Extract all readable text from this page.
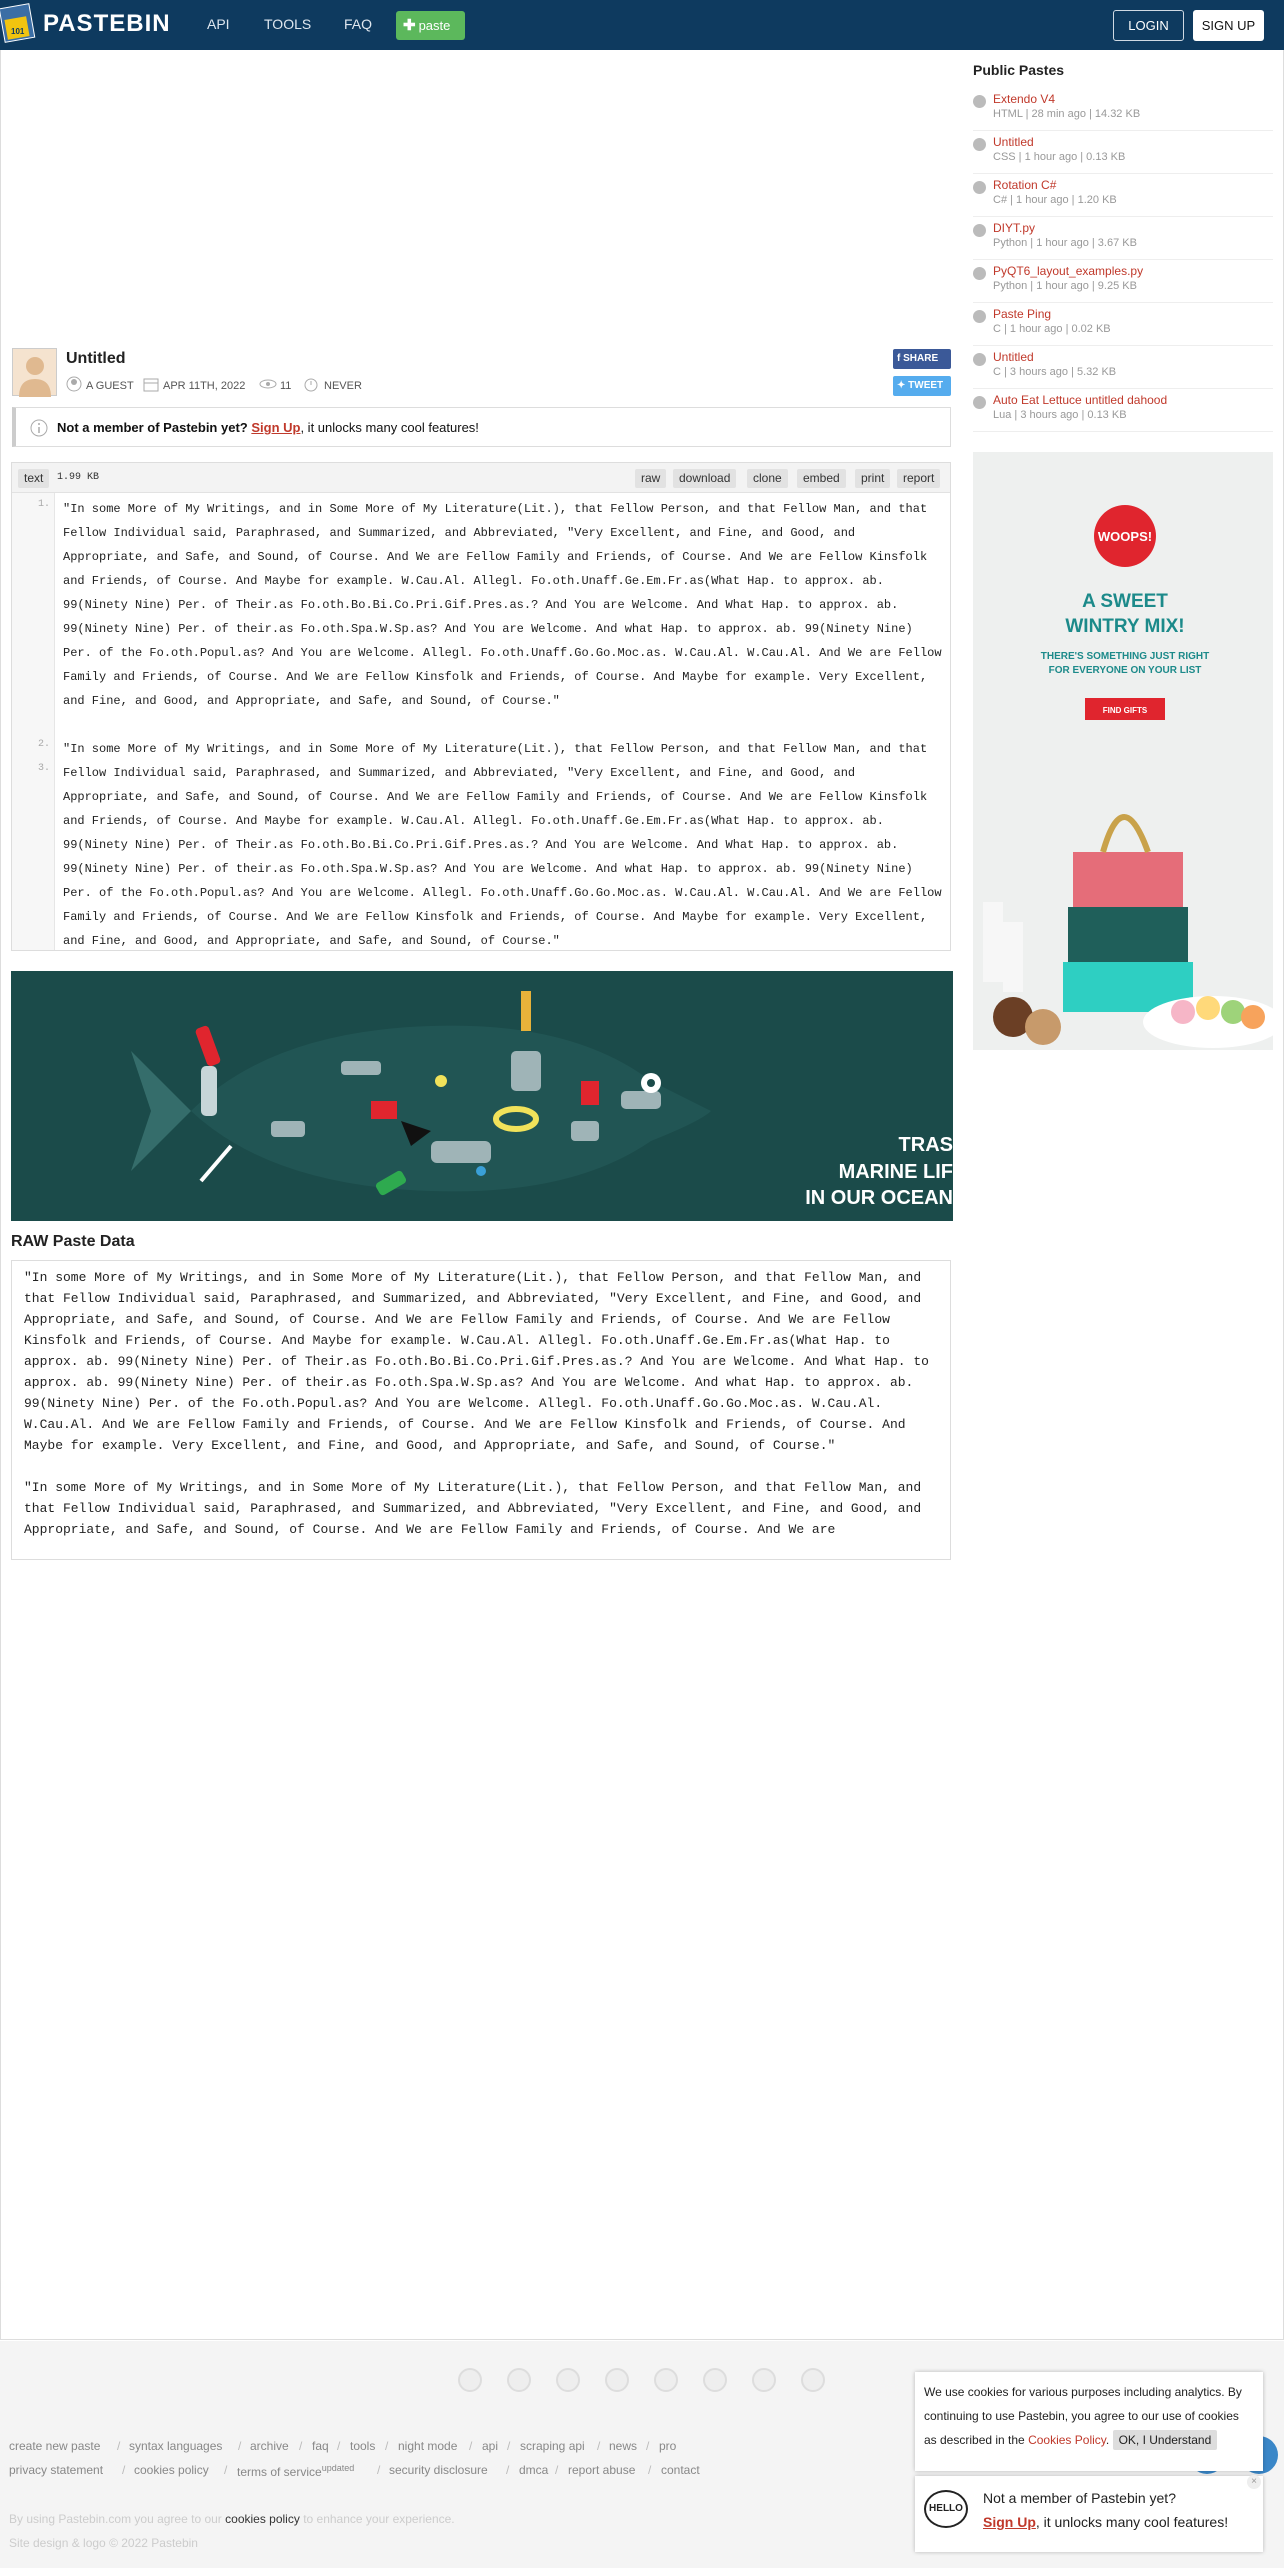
101 PASTEBIN	API TOOLS FAQ	✚ paste	LOGIN	SIGN UP
Untitled
A GUEST	APR 11TH, 2022	11	NEVER
f SHARE
✦ TWEET
Not a member of Pastebin yet? Sign Up, it unlocks many cool features!
text	1.99 KB	raw	download	clone	embed	print	report
1.
2.
3.
"In some More of My Writings, and in Some More of My Literature(Lit.), that Fellow Person, and that Fellow Man, and that Fellow Individual said, Paraphrased, and Summarized, and Abbreviated, "Very Excellent, and Fine, and Good, and Appropriate, and Safe, and Sound, of Course. And We are Fellow Family and Friends, of Course. And We are Fellow Kinsfolk and Friends, of Course. And Maybe for example. W.Cau.Al. Allegl. Fo.oth.Unaff.Ge.Em.Fr.as(What Hap. to approx. ab. 99(Ninety Nine) Per. of Their.as Fo.oth.Bo.Bi.Co.Pri.Gif.Pres.as.? And You are Welcome. And What Hap. to approx. ab. 99(Ninety Nine) Per. of their.as Fo.oth.Spa.W.Sp.as? And You are Welcome. And what Hap. to approx. ab. 99(Ninety Nine) Per. of the Fo.oth.Popul.as? And You are Welcome. Allegl. Fo.oth.Unaff.Go.Go.Moc.as. W.Cau.Al. W.Cau.Al. And We are Fellow Family and Friends, of Course. And We are Fellow Kinsfolk and Friends, of Course. And Maybe for example. Very Excellent, and Fine, and Good, and Appropriate, and Safe, and Sound, of Course."
"In some More of My Writings, and in Some More of My Literature(Lit.), that Fellow Person, and that Fellow Man, and that Fellow Individual said, Paraphrased, and Summarized, and Abbreviated, "Very Excellent, and Fine, and Good, and Appropriate, and Safe, and Sound, of Course. And We are Fellow Family and Friends, of Course. And We are Fellow Kinsfolk and Friends, of Course. And Maybe for example. W.Cau.Al. Allegl. Fo.oth.Unaff.Ge.Em.Fr.as(What Hap. to approx. ab. 99(Ninety Nine) Per. of Their.as Fo.oth.Bo.Bi.Co.Pri.Gif.Pres.as.? And You are Welcome. And What Hap. to approx. ab. 99(Ninety Nine) Per. of their.as Fo.oth.Spa.W.Sp.as? And You are Welcome. And what Hap. to approx. ab. 99(Ninety Nine) Per. of the Fo.oth.Popul.as? And You are Welcome. Allegl. Fo.oth.Unaff.Go.Go.Moc.as. W.Cau.Al. W.Cau.Al. And We are Fellow Family and Friends, of Course. And We are Fellow Kinsfolk and Friends, of Course. And Maybe for example. Very Excellent, and Fine, and Good, and Appropriate, and Safe, and Sound, of Course."
TRAS
MARINE LIF
IN OUR OCEAN
RAW Paste Data
"In some More of My Writings, and in Some More of My Literature(Lit.), that Fellow Person, and that Fellow Man, and that Fellow Individual said, Paraphrased, and Summarized, and Abbreviated, "Very Excellent, and Fine, and Good, and Appropriate, and Safe, and Sound, of Course. And We are Fellow Family and Friends, of Course. And We are Fellow Kinsfolk and Friends, of Course. And Maybe for example. W.Cau.Al. Allegl. Fo.oth.Unaff.Ge.Em.Fr.as(What Hap. to approx. ab. 99(Ninety Nine) Per. of Their.as Fo.oth.Bo.Bi.Co.Pri.Gif.Pres.as.? And You are Welcome. And What Hap. to approx. ab. 99(Ninety Nine) Per. of their.as Fo.oth.Spa.W.Sp.as? And You are Welcome. And what Hap. to approx. ab. 99(Ninety Nine) Per. of the Fo.oth.Popul.as? And You are Welcome. Allegl. Fo.oth.Unaff.Go.Go.Moc.as. W.Cau.Al. W.Cau.Al. And We are Fellow Family and Friends, of Course. And We are Fellow Kinsfolk and Friends, of Course. And Maybe for example. Very Excellent, and Fine, and Good, and Appropriate, and Safe, and Sound, of Course."

"In some More of My Writings, and in Some More of My Literature(Lit.), that Fellow Person, and that Fellow Man, and that Fellow Individual said, Paraphrased, and Summarized, and Abbreviated, "Very Excellent, and Fine, and Good, and Appropriate, and Safe, and Sound, of Course. And We are Fellow Family and Friends, of Course. And We are
Public Pastes
Extendo V4
HTML | 28 min ago | 14.32 KB
Untitled
CSS | 1 hour ago | 0.13 KB
Rotation C#
C# | 1 hour ago | 1.20 KB
DIYT.py
Python | 1 hour ago | 3.67 KB
PyQT6_layout_examples.py
Python | 1 hour ago | 9.25 KB
Paste Ping
C | 1 hour ago | 0.02 KB
Untitled
C | 3 hours ago | 5.32 KB
Auto Eat Lettuce untitled dahood
Lua | 3 hours ago | 0.13 KB
WOOPS!
A SWEET
WINTRY MIX!
THERE'S SOMETHING JUST RIGHT
FOR EVERYONE ON YOUR LIST
FIND GIFTS
create new paste / syntax languages / archive / faq / tools / night mode / api / scraping api / news / pro
privacy statement / cookies policy / terms of service$^{updated}$ / security disclosure / dmca / report abuse / contact
By using Pastebin.com you agree to our cookies policy to enhance your experience.
Site design & logo © 2022 Pastebin
We use cookies for various purposes including analytics. By continuing to use Pastebin, you agree to our use of cookies as described in the Cookies Policy. OK, I Understand
HELLO
Not a member of Pastebin yet?
Sign Up, it unlocks many cool features!
×
